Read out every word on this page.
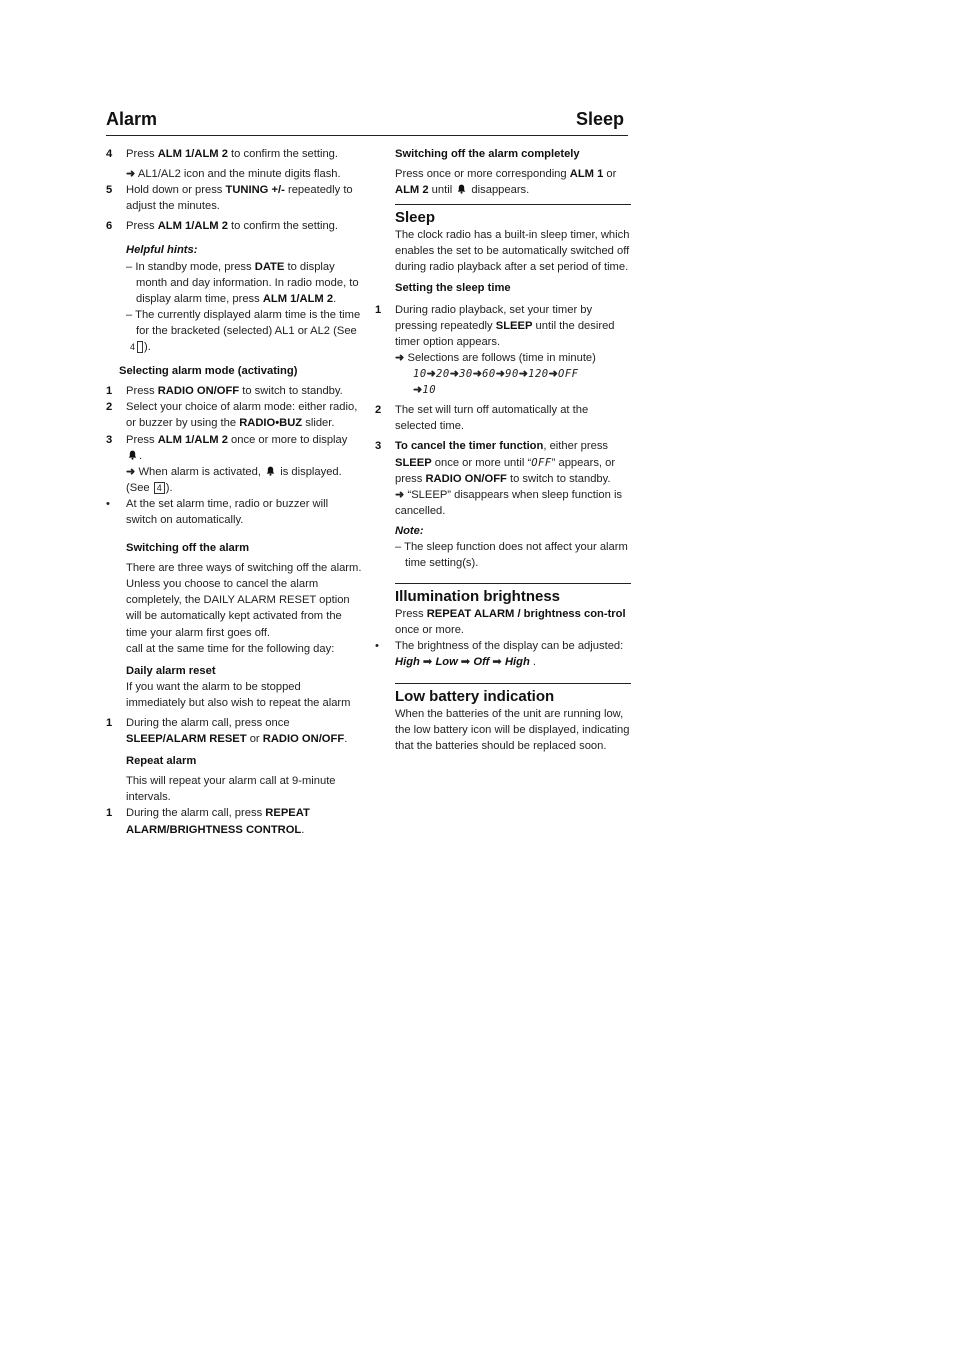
Alarm	Sleep
4 Press ALM 1/ALM 2 to confirm the setting.
➜ AL1/AL2 icon and the minute digits flash.
5 Hold down or press TUNING +/- repeatedly to adjust the minutes.
6 Press ALM 1/ALM 2 to confirm the setting.

Helpful hints:

– In standby mode, press DATE to display month and day information. In radio mode, to display alarm time, press ALM 1/ALM 2.

– The currently displayed alarm time is the time for the bracketed (selected) AL1 or AL2 (See 4 ).

Selecting alarm mode (activating)

1 Press RADIO ON/OFF to switch to standby.
2 Select your choice of alarm mode: either radio, or buzzer by using the RADIO•BUZ slider.
3 Press ALM 1/ALM 2 once or more to display .
➜ When alarm is activated,  is displayed. (See 4 ).
• At the set alarm time, radio or buzzer will switch on automatically.

Switching off the alarm

There are three ways of switching off the alarm. Unless you choose to cancel the alarm completely, the DAILY ALARM RESET option will be automatically kept activated from the time your alarm first goes off.

call at the same time for the following day:

Daily alarm reset

If you want the alarm to be stopped immediately but also wish to repeat the alarm

1 During the alarm call, press once SLEEP/ALARM RESET or RADIO ON/OFF.

Repeat alarm

This will repeat your alarm call at 9-minute intervals.

1 During the alarm call, press REPEAT ALARM/BRIGHTNESS CONTROL.

Switching off the alarm completely

Press once or more corresponding ALM 1 or ALM 2 until  disappears.

Sleep

The clock radio has a built-in sleep timer, which enables the set to be automatically switched off during radio playback after a set period of time.

Setting the sleep time

1 During radio playback, set your timer by pressing repeatedly SLEEP until the desired timer option appears.
➜ Selections are follows (time in minute)
10➜20➜30➜60➜90➜120➜OFF
➜10
2 The set will turn off automatically at the selected time.
3 To cancel the timer function, either press SLEEP once or more until “OFF” appears, or press RADIO ON/OFF to switch to standby.
➜ “SLEEP” disappears when sleep function is cancelled.

Note:

– The sleep function does not affect your alarm time setting(s).

Illumination brightness

Press REPEAT ALARM / brightness con-trol once or more.

• The brightness of the display can be adjusted:
High ➟ Low ➟ Off ➟ High .

Low battery indication

When the batteries of the unit are running low, the low battery icon will be displayed, indicating that the batteries should be replaced soon.
